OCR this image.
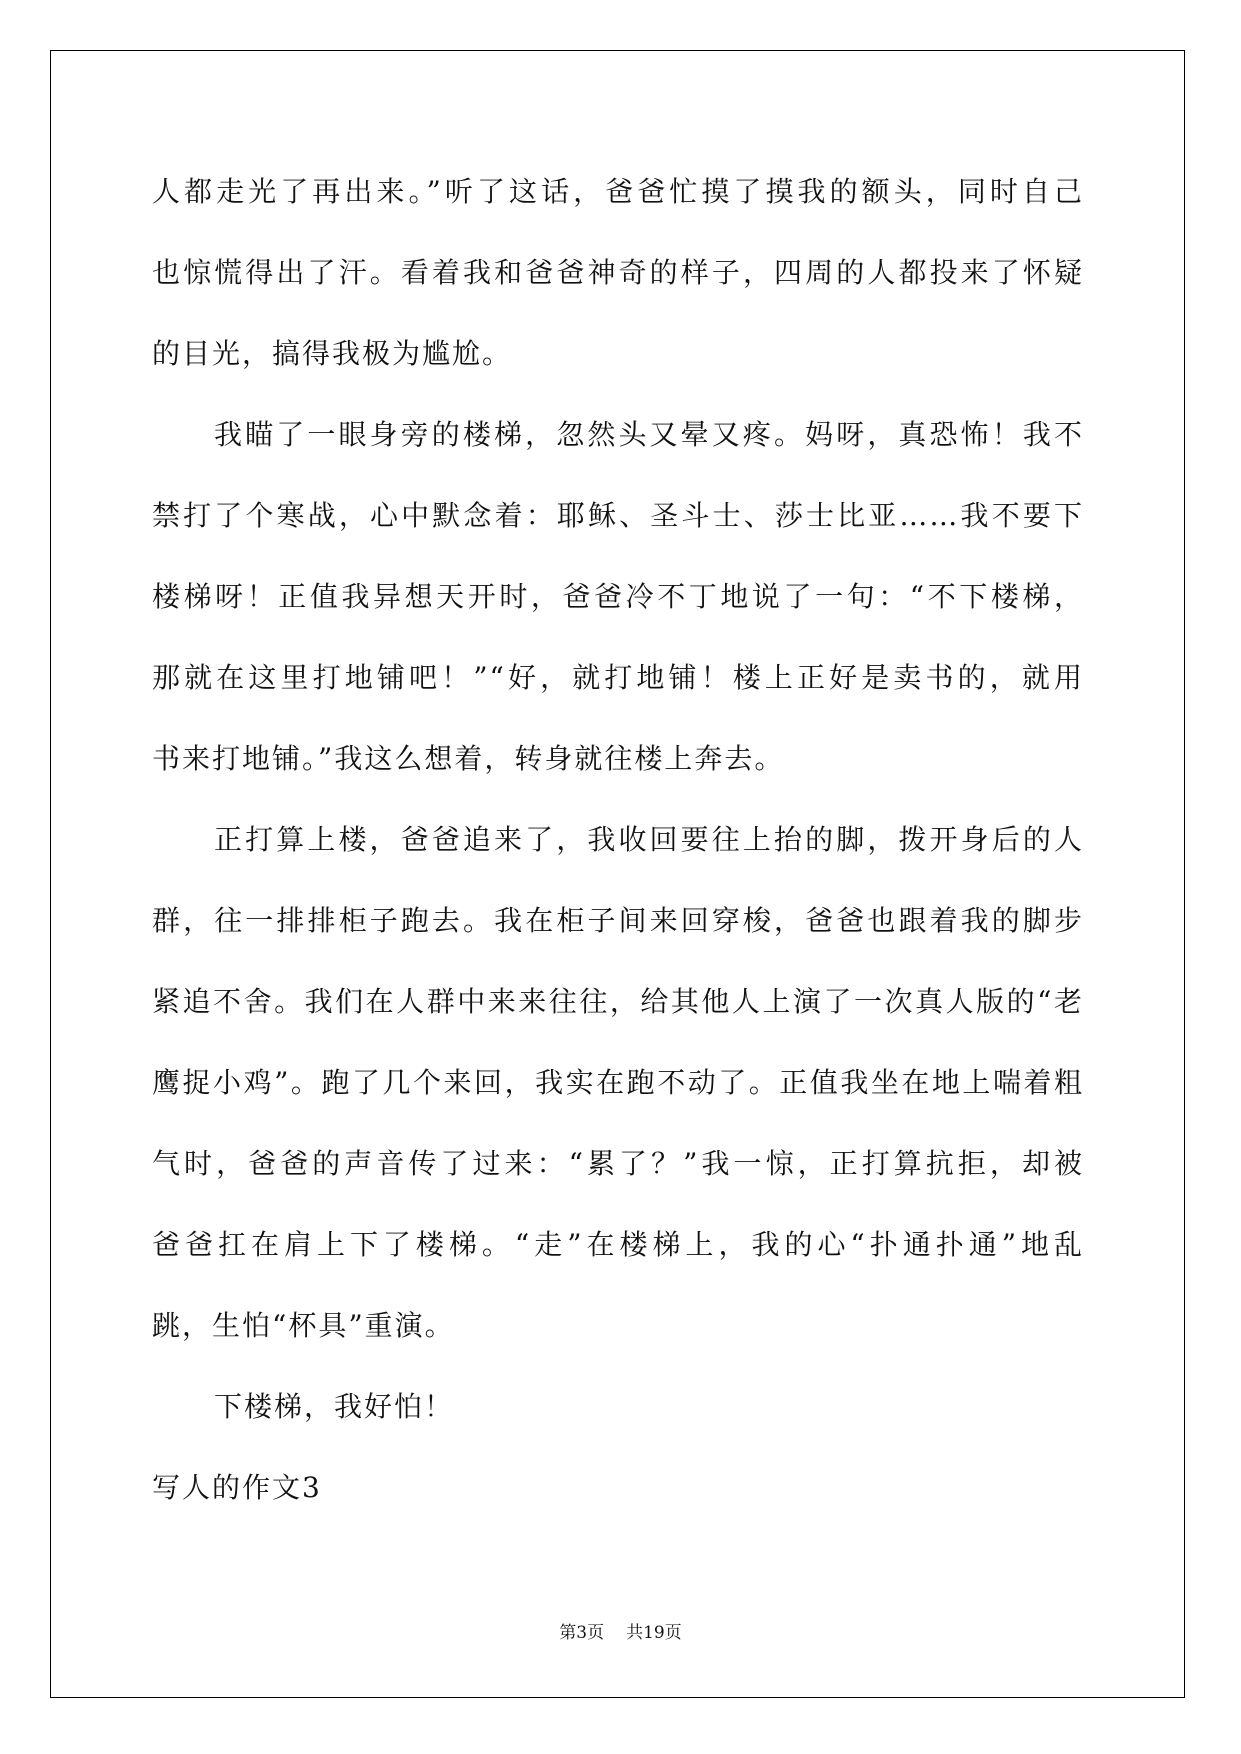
人都走光了再出来。”听了这话，爸爸忙摸了摸我的额头，同时自己
也惊慌得出了汗。看着我和爸爸神奇的样子，四周的人都投来了怀疑
的目光，搞得我极为尴尬。
我瞄了一眼身旁的楼梯，忽然头又晕又疼。妈呀，真恐怖！我不
禁打了个寒战，心中默念着：耶稣、圣斗士、莎士比亚……我不要下
楼梯呀！正值我异想天开时，爸爸冷不丁地说了一句：“不下楼梯，
那就在这里打地铺吧！”“好，就打地铺！楼上正好是卖书的，就用
书来打地铺。”我这么想着，转身就往楼上奔去。
正打算上楼，爸爸追来了，我收回要往上抬的脚，拨开身后的人
群，往一排排柜子跑去。我在柜子间来回穿梭，爸爸也跟着我的脚步
紧追不舍。我们在人群中来来往往，给其他人上演了一次真人版的“老
鹰捉小鸡”。跑了几个来回，我实在跑不动了。正值我坐在地上喘着粗
气时，爸爸的声音传了过来：“累了？”我一惊，正打算抗拒，却被
爸爸扛在肩上下了楼梯。“走”在楼梯上，我的心“扑通扑通”地乱
跳，生怕“杯具”重演。
下楼梯，我好怕！
写人的作文3
第3页 共19页
